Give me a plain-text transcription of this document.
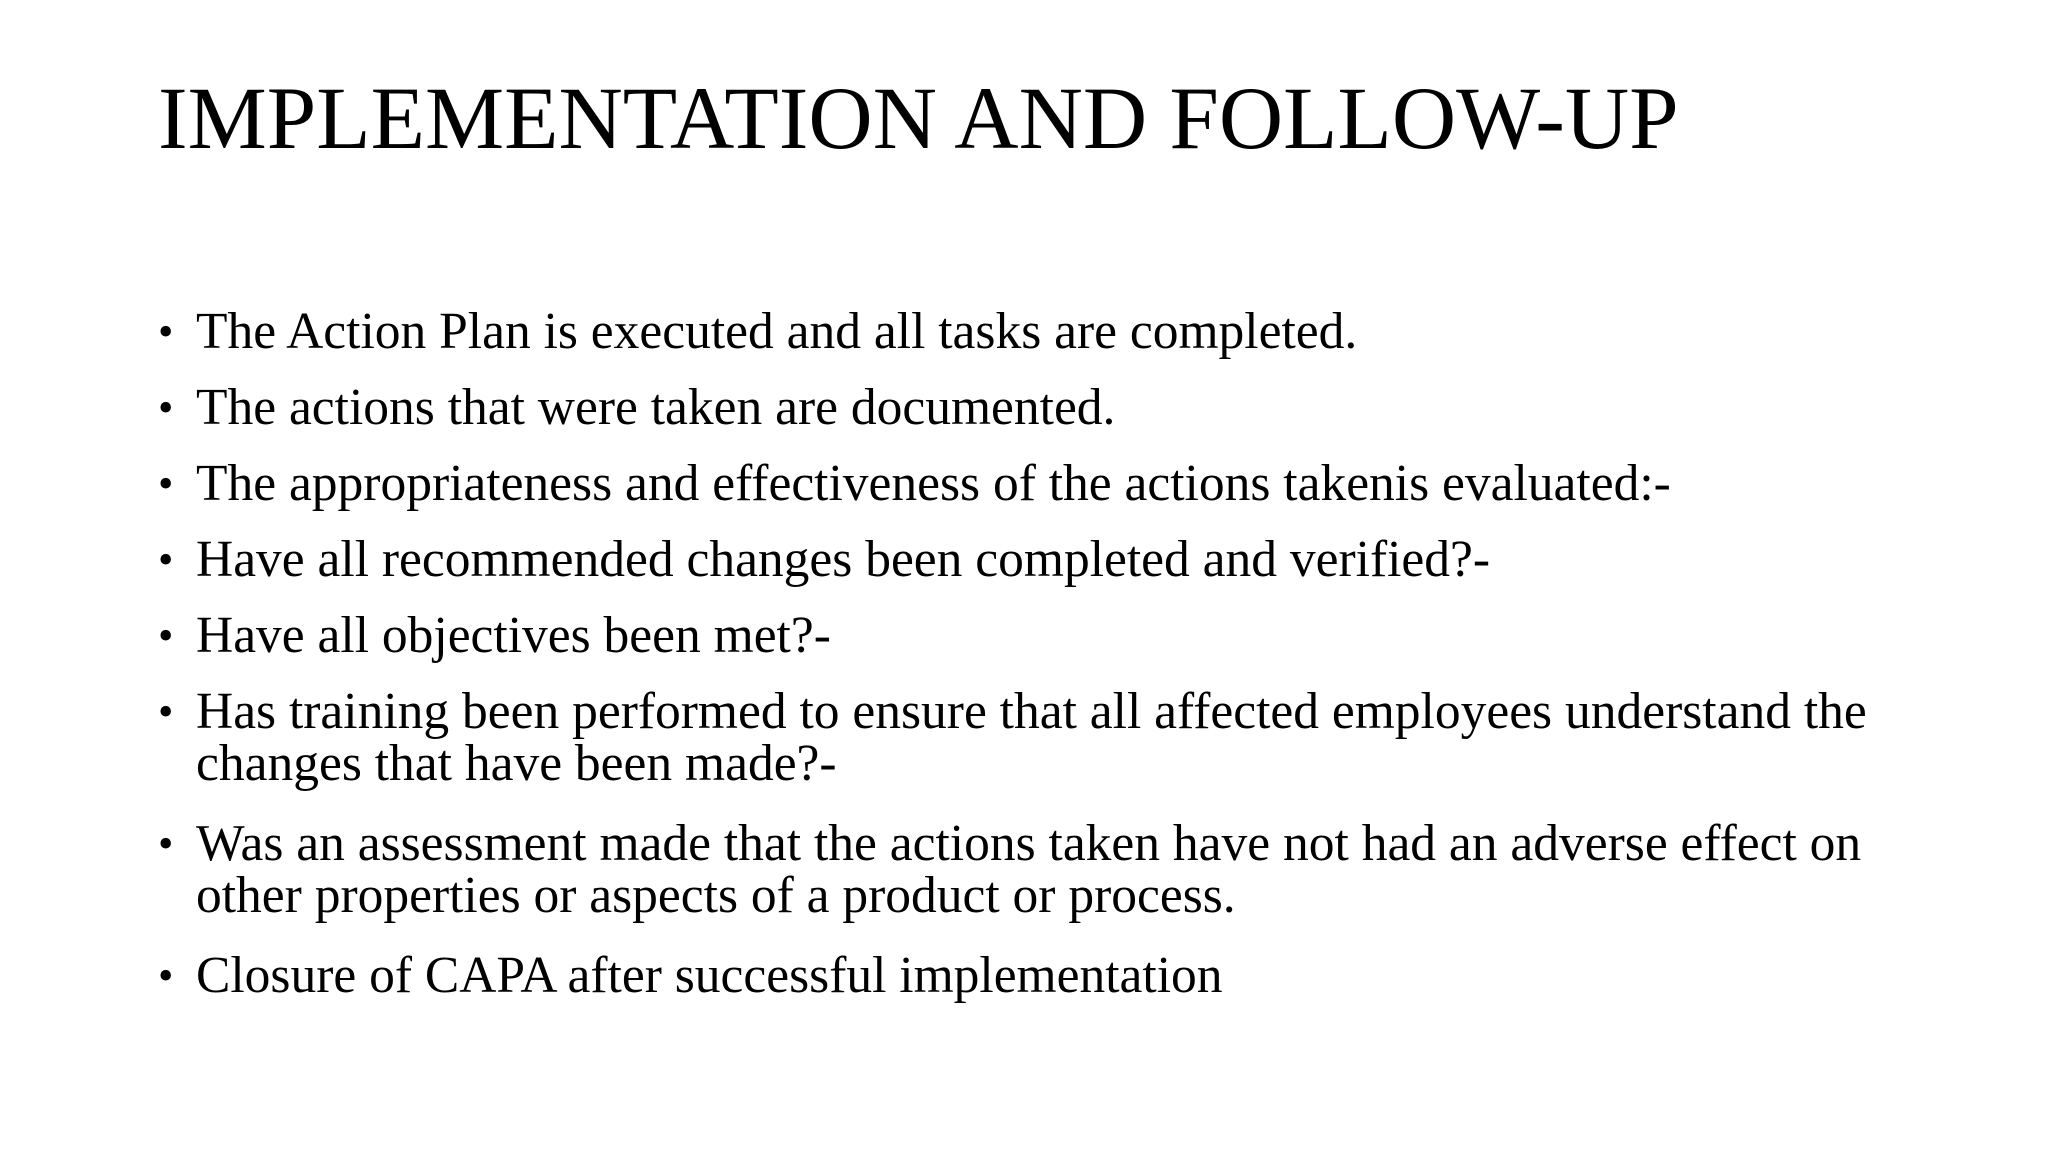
IMPLEMENTATION AND FOLLOW-UP
• The Action Plan is executed and all tasks are completed.
• The actions that were taken are documented.
• The appropriateness and effectiveness of the actions takenis evaluated:-
• Have all recommended changes been completed and verified?-
• Have all objectives been met?-
• Has training been performed to ensure that all affected employees understand the changes that have been made?-
• Was an assessment made that the actions taken have not had an adverse effect on other properties or aspects of a product or process.
• Closure of CAPA after successful implementation
